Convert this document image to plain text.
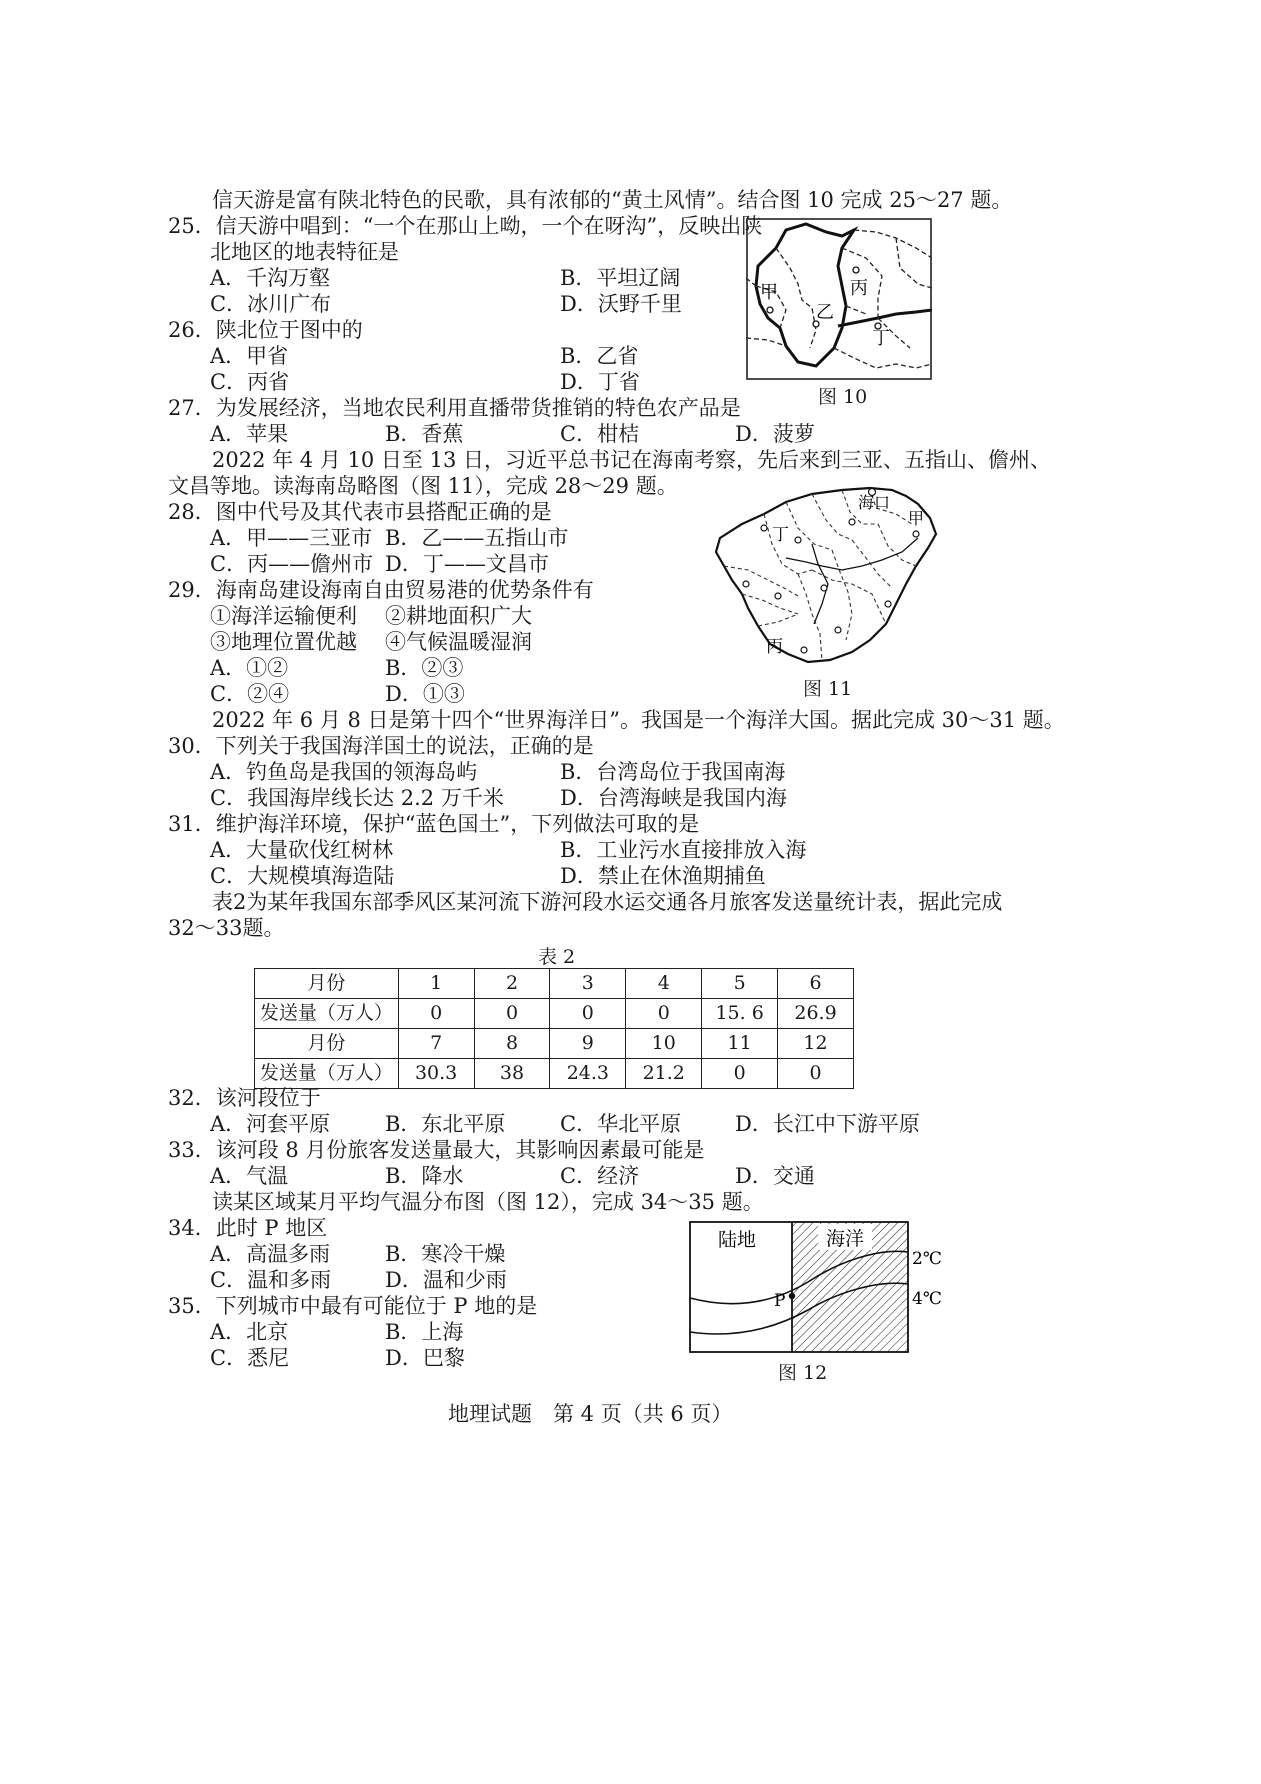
信天游是富有陕北特色的民歌，具有浓郁的“黄土风情”。结合图 10 完成 25～27 题。
25．信天游中唱到：“一个在那山上呦，一个在呀沟”，反映出陕
北地区的地表特征是
A．千沟万壑	B．平坦辽阔
C．冰川广布	D．沃野千里
26．陕北位于图中的
A．甲省	B．乙省
C．丙省	D．丁省
甲
乙
丙
丁
图 10
27．为发展经济，当地农民利用直播带货推销的特色农产品是
A．苹果	B．香蕉	C．柑桔	D．菠萝
2022 年 4 月 10 日至 13 日，习近平总书记在海南考察，先后来到三亚、五指山、儋州、
文昌等地。读海南岛略图（图 11），完成 28～29 题。
28．图中代号及其代表市县搭配正确的是
A．甲——三亚市 B．乙——五指山市
C．丙——儋州市 D．丁——文昌市
29．海南岛建设海南自由贸易港的优势条件有
①海洋运输便利 ②耕地面积广大
③地理位置优越 ④气候温暖湿润
A．①②	B．②③
C．②④	D．①③
海口
甲
丁
丙
图 11
2022 年 6 月 8 日是第十四个“世界海洋日”。我国是一个海洋大国。据此完成 30～31 题。
30．下列关于我国海洋国土的说法，正确的是
A．钓鱼岛是我国的领海岛屿	B．台湾岛位于我国南海
C．我国海岸线长达 2.2 万千米	D．台湾海峡是我国内海
31．维护海洋环境，保护“蓝色国土”，下列做法可取的是
A．大量砍伐红树林	B．工业污水直接排放入海
C．大规模填海造陆	D．禁止在休渔期捕鱼
表2为某年我国东部季风区某河流下游河段水运交通各月旅客发送量统计表，据此完成
32～33题。
表 2
月份	1	2	3	4	5	6
发送量（万人）	0	0	0	0	15. 6	26.9
月份	7	8	9	10	11	12
发送量（万人）	30.3	38	24.3	21.2	0	0
32．该河段位于
A．河套平原	B．东北平原	C．华北平原	D．长江中下游平原
33．该河段 8 月份旅客发送量最大，其影响因素最可能是
A．气温	B．降水	C．经济	D．交通
读某区域某月平均气温分布图（图 12），完成 34～35 题。
34．此时 P 地区
A．高温多雨	B．寒冷干燥
C．温和多雨	D．温和少雨
35．下列城市中最有可能位于 P 地的是
A．北京	B．上海
C．悉尼	D．巴黎
陆地	海洋
2℃
4℃
P
图 12
地理试题　第 4 页（共 6 页）
